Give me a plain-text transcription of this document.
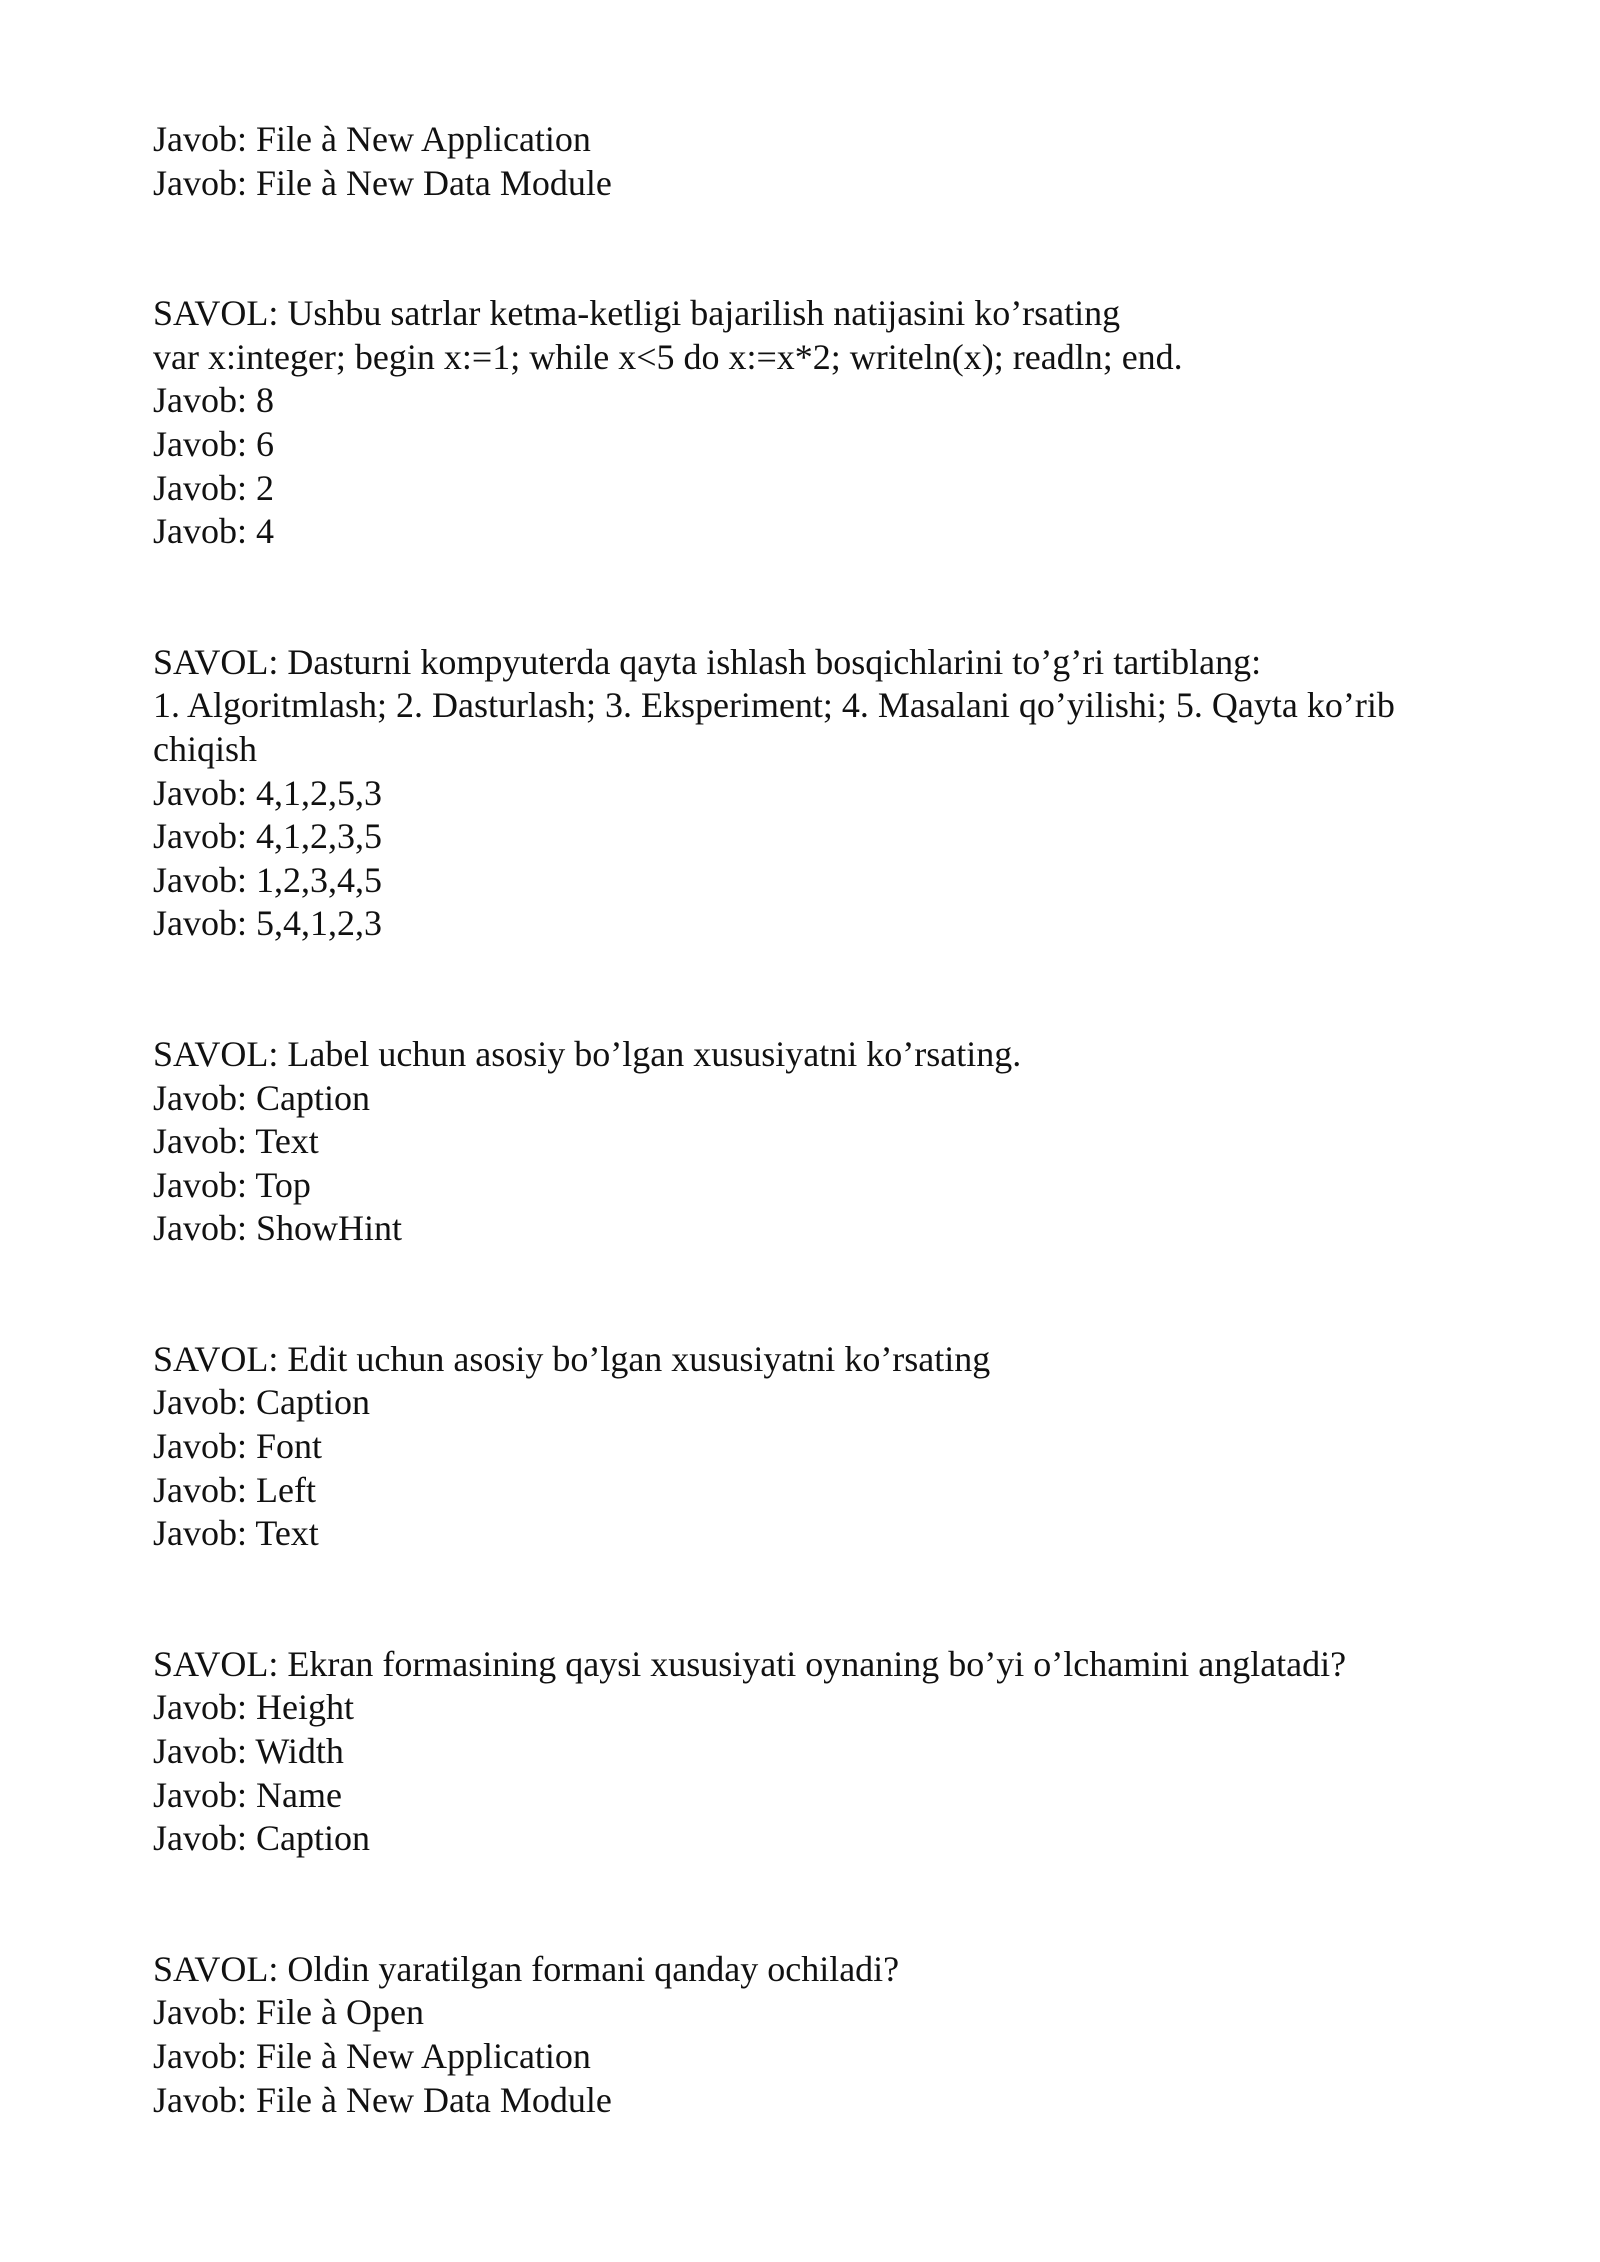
Javob: File à New Application

Javob: File à New Data Module

SAVOL: Ushbu satrlar ketma-ketligi bajarilish natijasini ko’rsating

var x:integer; begin x:=1; while x<5 do x:=x*2; writeln(x); readln; end.

Javob: 8

Javob: 6

Javob: 2

Javob: 4

SAVOL: Dasturni kompyuterda qayta ishlash bosqichlarini to’g’ri tartiblang:

1. Algoritmlash; 2. Dasturlash; 3. Eksperiment; 4. Masalani qo’yilishi; 5. Qayta ko’rib chiqish

Javob: 4,1,2,5,3

Javob: 4,1,2,3,5

Javob: 1,2,3,4,5

Javob: 5,4,1,2,3

SAVOL: Label uchun asosiy bo’lgan xususiyatni ko’rsating.

Javob: Caption

Javob: Text

Javob: Top

Javob: ShowHint

SAVOL: Edit uchun asosiy bo’lgan xususiyatni ko’rsating

Javob: Caption

Javob: Font

Javob: Left

Javob: Text

SAVOL: Ekran formasining qaysi xususiyati oynaning bo’yi o’lchamini anglatadi?

Javob: Height

Javob: Width

Javob: Name

Javob: Caption

SAVOL: Oldin yaratilgan formani qanday ochiladi?

Javob: File à Open

Javob: File à New Application

Javob: File à New Data Module
